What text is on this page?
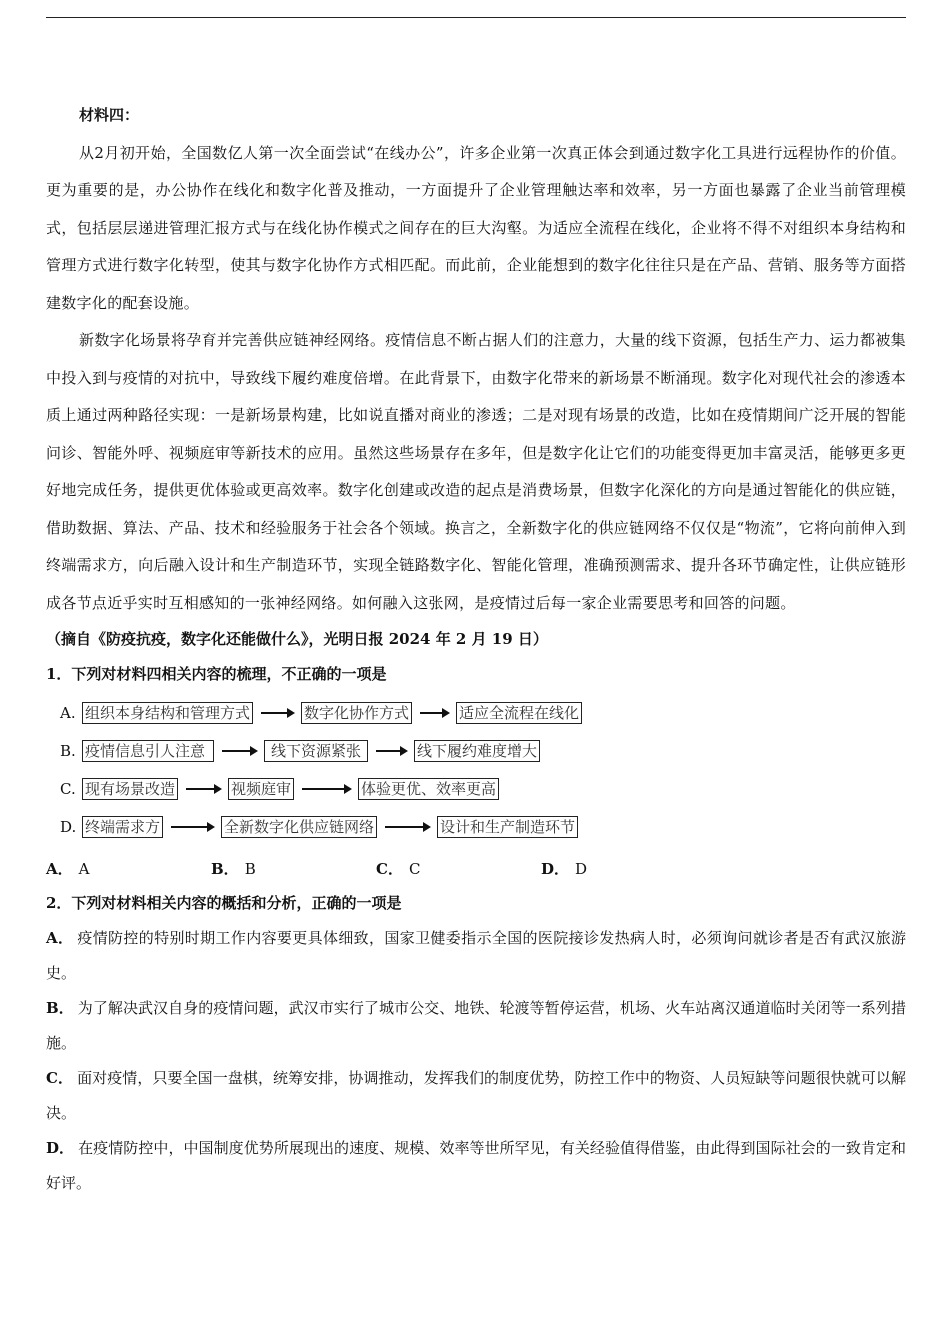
材料四：

从2月初开始，全国数亿人第一次全面尝试“在线办公”，许多企业第一次真正体会到通过数字化工具进行远程协作的价值。更为重要的是，办公协作在线化和数字化普及推动，一方面提升了企业管理触达率和效率，另一方面也暴露了企业当前管理模式，包括层层递进管理汇报方式与在线化协作模式之间存在的巨大沟壑。为适应全流程在线化，企业将不得不对组织本身结构和管理方式进行数字化转型，使其与数字化协作方式相匹配。而此前，企业能想到的数字化往往只是在产品、营销、服务等方面搭建数字化的配套设施。

新数字化场景将孕育并完善供应链神经网络。疫情信息不断占据人们的注意力，大量的线下资源，包括生产力、运力都被集中投入到与疫情的对抗中，导致线下履约难度倍增。在此背景下，由数字化带来的新场景不断涌现。数字化对现代社会的渗透本质上通过两种路径实现：一是新场景构建，比如说直播对商业的渗透；二是对现有场景的改造，比如在疫情期间广泛开展的智能问诊、智能外呼、视频庭审等新技术的应用。虽然这些场景存在多年，但是数字化让它们的功能变得更加丰富灵活，能够更多更好地完成任务，提供更优体验或更高效率。数字化创建或改造的起点是消费场景，但数字化深化的方向是通过智能化的供应链，借助数据、算法、产品、技术和经验服务于社会各个领域。换言之，全新数字化的供应链网络不仅仅是“物流”，它将向前伸入到终端需求方，向后融入设计和生产制造环节，实现全链路数字化、智能化管理，准确预测需求、提升各环节确定性，让供应链形成各节点近乎实时互相感知的一张神经网络。如何融入这张网，是疫情过后每一家企业需要思考和回答的问题。

（摘自《防疫抗疫，数字化还能做什么》，光明日报 2024 年 2 月 19 日）

1．下列对材料四相关内容的梳理，不正确的一项是

A. 组织本身结构和管理方式	数字化协作方式	适应全流程在线化
B. 疫情信息引人注意	线下资源紧张	线下履约难度增大
C. 现有场景改造	视频庭审	体验更优、效率更高
D. 终端需求方	全新数字化供应链网络	设计和生产制造环节
A． A	B． B	C． C	D． D

2．下列对材料相关内容的概括和分析，正确的一项是

A． 疫情防控的特别时期工作内容要更具体细致，国家卫健委指示全国的医院接诊发热病人时，必须询问就诊者是否有武汉旅游史。

B． 为了解决武汉自身的疫情问题，武汉市实行了城市公交、地铁、轮渡等暂停运营，机场、火车站离汉通道临时关闭等一系列措施。

C． 面对疫情，只要全国一盘棋，统筹安排，协调推动，发挥我们的制度优势，防控工作中的物资、人员短缺等问题很快就可以解决。

D． 在疫情防控中，中国制度优势所展现出的速度、规模、效率等世所罕见，有关经验值得借鉴，由此得到国际社会的一致肯定和好评。
